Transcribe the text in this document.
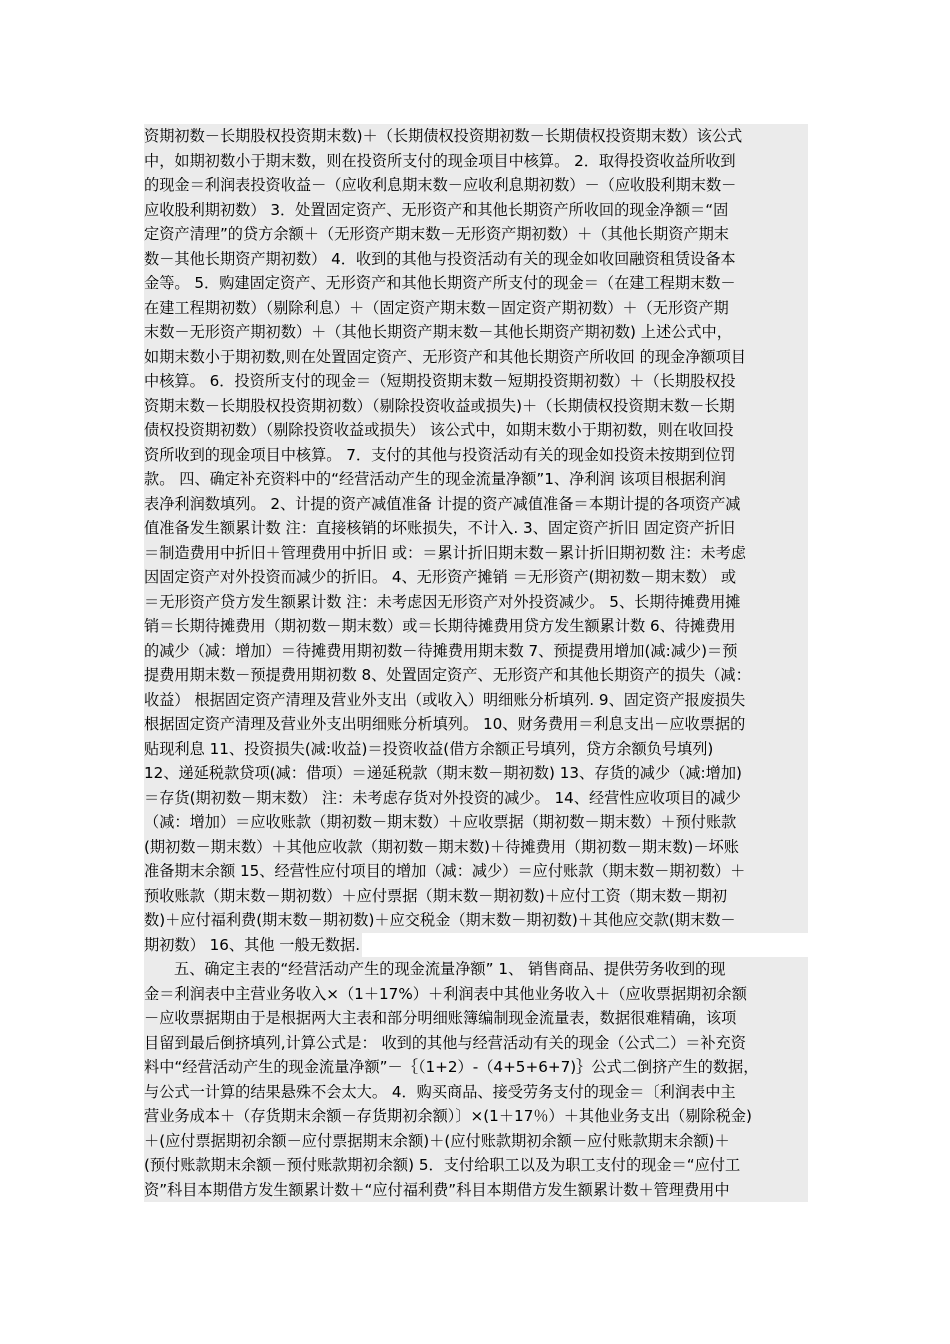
资期初数－长期股权投资期末数)＋（长期债权投资期初数－长期债权投资期末数）该公式
中，如期初数小于期末数，则在投资所支付的现金项目中核算。 2．取得投资收益所收到
的现金＝利润表投资收益－（应收利息期末数－应收利息期初数）－（应收股利期末数－
应收股利期初数） 3．处置固定资产、无形资产和其他长期资产所收回的现金净额＝“固
定资产清理”的贷方余额＋（无形资产期末数－无形资产期初数）＋（其他长期资产期末
数－其他长期资产期初数） 4．收到的其他与投资活动有关的现金如收回融资租赁设备本
金等。 5．购建固定资产、无形资产和其他长期资产所支付的现金＝（在建工程期末数－
在建工程期初数）（剔除利息）＋（固定资产期末数－固定资产期初数）＋（无形资产期
末数－无形资产期初数）＋（其他长期资产期末数－其他长期资产期初数) 上述公式中，
如期末数小于期初数,则在处置固定资产、无形资产和其他长期资产所收回 的现金净额项目
中核算。 6．投资所支付的现金＝（短期投资期末数－短期投资期初数）＋（长期股权投
资期末数－长期股权投资期初数）（剔除投资收益或损失)＋（长期债权投资期末数－长期
债权投资期初数）（剔除投资收益或损失） 该公式中，如期末数小于期初数，则在收回投
资所收到的现金项目中核算。 7．支付的其他与投资活动有关的现金如投资未按期到位罚
款。 四、确定补充资料中的“经营活动产生的现金流量净额”1、净利润 该项目根据利润
表净利润数填列。 2、计提的资产减值准备 计提的资产减值准备＝本期计提的各项资产减
值准备发生额累计数 注：直接核销的坏账损失，不计入. 3、固定资产折旧 固定资产折旧
＝制造费用中折旧＋管理费用中折旧 或：＝累计折旧期末数－累计折旧期初数 注：未考虑
因固定资产对外投资而减少的折旧。 4、无形资产摊销 ＝无形资产(期初数－期末数） 或
＝无形资产贷方发生额累计数 注：未考虑因无形资产对外投资减少。 5、长期待摊费用摊
销＝长期待摊费用（期初数－期末数）或＝长期待摊费用贷方发生额累计数 6、待摊费用
的减少（减：增加）＝待摊费用期初数－待摊费用期末数 7、预提费用增加(减:减少)＝预
提费用期末数－预提费用期初数 8、处置固定资产、无形资产和其他长期资产的损失（减：
收益） 根据固定资产清理及营业外支出（或收入）明细账分析填列. 9、固定资产报废损失
根据固定资产清理及营业外支出明细账分析填列。 10、财务费用＝利息支出－应收票据的
贴现利息 11、投资损失(减:收益)＝投资收益(借方余额正号填列，贷方余额负号填列)
12、递延税款贷项(减：借项）＝递延税款（期末数－期初数) 13、存货的减少（减:增加)
＝存货(期初数－期末数） 注：未考虑存货对外投资的减少。 14、经营性应收项目的减少
（减：增加）＝应收账款（期初数－期末数）＋应收票据（期初数－期末数）＋预付账款
(期初数－期末数）＋其他应收款（期初数－期末数)＋待摊费用（期初数－期末数)－坏账
准备期末余额 15、经营性应付项目的增加（减：减少）＝应付账款（期末数－期初数）＋
预收账款（期末数－期初数）＋应付票据（期末数－期初数)＋应付工资（期末数－期初
数)＋应付福利费(期末数－期初数)＋应交税金（期末数－期初数)＋其他应交款(期末数－
期初数） 16、其他 一般无数据.
五、确定主表的“经营活动产生的现金流量净额” 1、 销售商品、提供劳务收到的现
金＝利润表中主营业务收入×（1＋17%）＋利润表中其他业务收入＋（应收票据期初余额
－应收票据期由于是根据两大主表和部分明细账簿编制现金流量表，数据很难精确，该项
目留到最后倒挤填列,计算公式是： 收到的其他与经营活动有关的现金（公式二）＝补充资
料中“经营活动产生的现金流量净额”－｛（1+2）-（4+5+6+7)｝公式二倒挤产生的数据，
与公式一计算的结果悬殊不会太大。 4．购买商品、接受劳务支付的现金＝〔利润表中主
营业务成本＋（存货期末余额－存货期初余额）〕×(1＋17％）＋其他业务支出（剔除税金)
＋(应付票据期初余额－应付票据期末余额)＋(应付账款期初余额－应付账款期末余额)＋
(预付账款期末余额－预付账款期初余额) 5．支付给职工以及为职工支付的现金＝“应付工
资”科目本期借方发生额累计数＋“应付福利费”科目本期借方发生额累计数＋管理费用中
